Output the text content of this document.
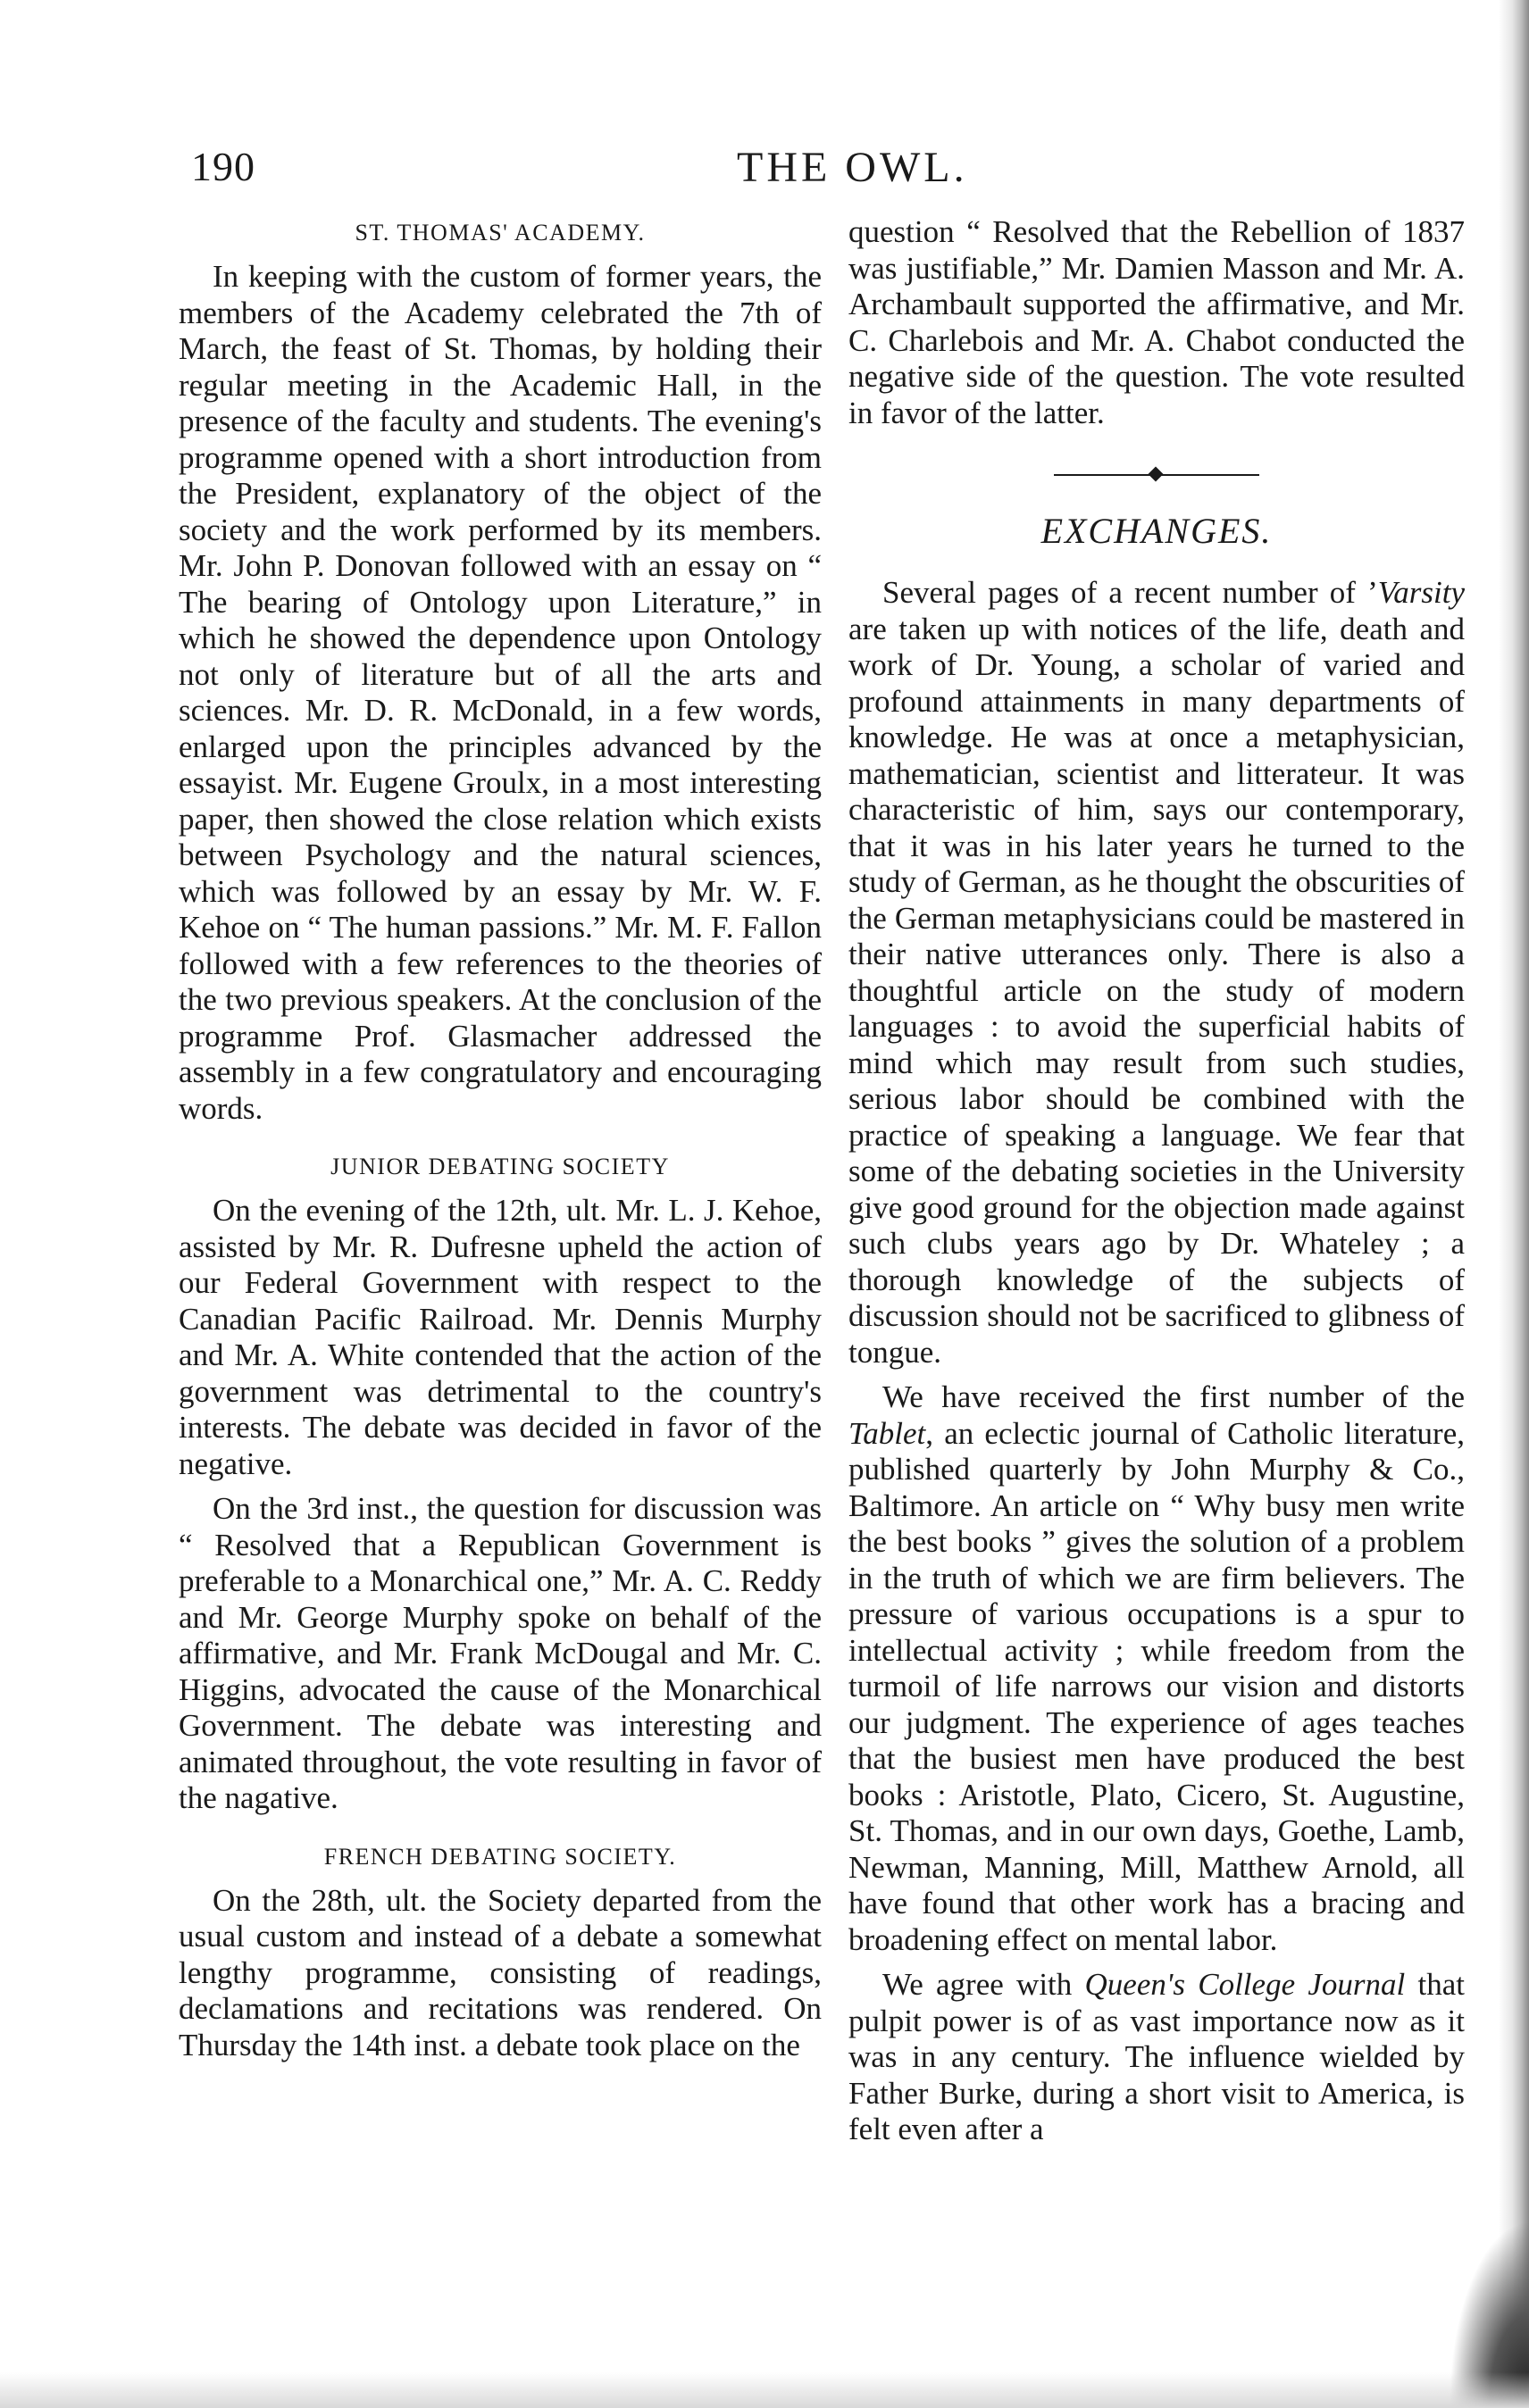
190	THE OWL.
ST. THOMAS' ACADEMY.

In keeping with the custom of former years, the members of the Academy celebrated the 7th of March, the feast of St. Thomas, by holding their regular meeting in the Academic Hall, in the presence of the faculty and students. The evening's programme opened with a short introduction from the President, explanatory of the object of the society and the work performed by its members. Mr. John P. Donovan followed with an essay on “ The bearing of Ontology upon Literature,” in which he showed the dependence upon Ontology not only of literature but of all the arts and sciences. Mr. D. R. McDonald, in a few words, enlarged upon the principles advanced by the essayist. Mr. Eugene Groulx, in a most interesting paper, then showed the close relation which exists between Psychology and the natural sciences, which was followed by an essay by Mr. W. F. Kehoe on “ The human passions.” Mr. M. F. Fallon followed with a few references to the theories of the two previous speakers. At the conclusion of the programme Prof. Glasmacher addressed the assembly in a few congratulatory and encouraging words.

JUNIOR DEBATING SOCIETY

On the evening of the 12th, ult. Mr. L. J. Kehoe, assisted by Mr. R. Dufresne upheld the action of our Federal Government with respect to the Canadian Pacific Railroad. Mr. Dennis Murphy and Mr. A. White contended that the action of the government was detrimental to the country's interests. The debate was decided in favor of the negative.

On the 3rd inst., the question for discussion was “ Resolved that a Republican Government is preferable to a Monarchical one,” Mr. A. C. Reddy and Mr. George Murphy spoke on behalf of the affirmative, and Mr. Frank McDougal and Mr. C. Higgins, advocated the cause of the Monarchical Government. The debate was interesting and animated throughout, the vote resulting in favor of the nagative.

FRENCH DEBATING SOCIETY.

On the 28th, ult. the Society departed from the usual custom and instead of a debate a somewhat lengthy programme, consisting of readings, declamations and recitations was rendered. On Thursday the 14th inst. a debate took place on the

question “ Resolved that the Rebellion of 1837 was justifiable,” Mr. Damien Masson and Mr. A. Archambault supported the affirmative, and Mr. C. Charlebois and Mr. A. Chabot conducted the negative side of the question. The vote resulted in favor of the latter.

EXCHANGES.

Several pages of a recent number of ’Varsity are taken up with notices of the life, death and work of Dr. Young, a scholar of varied and profound attainments in many departments of knowledge. He was at once a metaphysician, mathematician, scientist and litterateur. It was characteristic of him, says our contemporary, that it was in his later years he turned to the study of German, as he thought the obscurities of the German metaphysicians could be mastered in their native utterances only. There is also a thoughtful article on the study of modern languages : to avoid the superficial habits of mind which may result from such studies, serious labor should be combined with the practice of speaking a language. We fear that some of the debating societies in the University give good ground for the objection made against such clubs years ago by Dr. Whateley ; a thorough knowledge of the subjects of discussion should not be sacrificed to glibness of tongue.

We have received the first number of the Tablet, an eclectic journal of Catholic literature, published quarterly by John Murphy & Co., Baltimore. An article on “ Why busy men write the best books ” gives the solution of a problem in the truth of which we are firm believers. The pressure of various occupations is a spur to intellectual activity ; while freedom from the turmoil of life narrows our vision and distorts our judgment. The experience of ages teaches that the busiest men have produced the best books : Aristotle, Plato, Cicero, St. Augustine, St. Thomas, and in our own days, Goethe, Lamb, Newman, Manning, Mill, Matthew Arnold, all have found that other work has a bracing and broadening effect on mental labor.

We agree with Queen's College Journal that pulpit power is of as vast importance now as it was in any century. The influence wielded by Father Burke, during a short visit to America, is felt even after a
